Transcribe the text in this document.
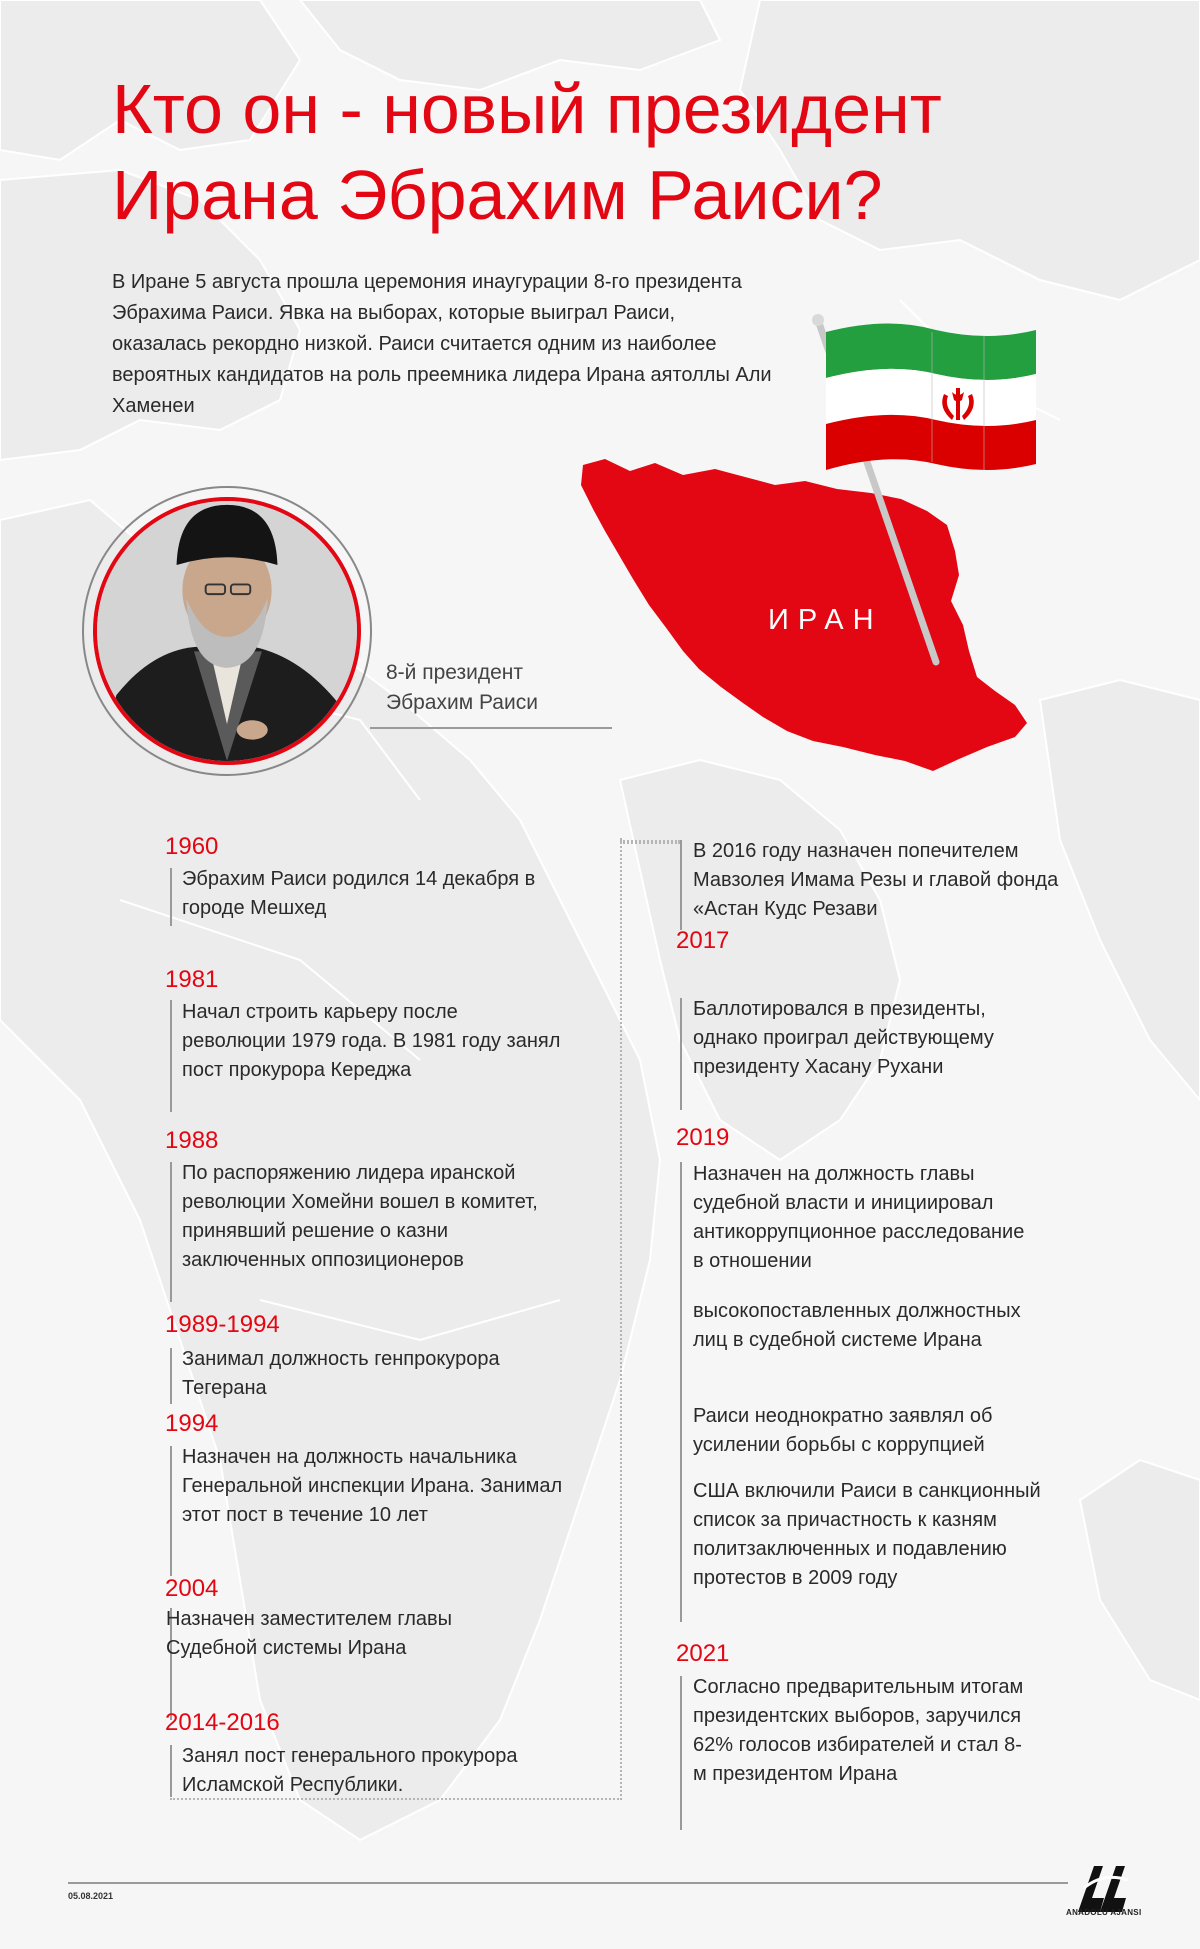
Кто он - новый президент
Ирана Эбрахим Раиси?
В Иране 5 августа прошла церемония инаугурации 8-го президента Эбрахима Раиси. Явка на выборах, которые выиграл Раиси, оказалась рекордно низкой. Раиси считается одним из наиболее вероятных кандидатов на роль преемника лидера Ирана аятоллы Али Хаменеи
ИРАН
8-й президент
Эбрахим Раиси
1960
Эбрахим Раиси родился 14 декабря в городе Мешхед
1981
Начал строить карьеру после революции 1979 года. В 1981 году занял пост прокурора Кереджа
1988
По распоряжению лидера иранской революции Хомейни вошел в комитет, принявший решение о казни заключенных оппозиционеров
1989-1994
Занимал должность генпрокурора Тегерана
1994
Назначен на должность начальника Генеральной инспекции Ирана. Занимал этот пост в течение 10 лет
2004
Назначен заместителем главы Судебной системы Ирана
2014-2016
Занял пост генерального прокурора Исламской Республики.
В 2016 году назначен попечителем Мавзолея Имама Резы и главой фонда «Астан Кудс Резави
2017
Баллотировался в президенты, однако проиграл действующему президенту Хасану Рухани
2019
Назначен на должность главы судебной власти и инициировал антикоррупционное расследование в отношении
высокопоставленных должностных лиц в судебной системе Ирана
Раиси неоднократно заявлял об усилении борьбы с коррупцией
США включили Раиси в санкционный список за причастность к казням политзаключенных и подавлению протестов в 2009 году
2021
Согласно предварительным итогам президентских выборов, заручился 62% голосов избирателей и стал 8-м президентом Ирана
05.08.2021
ANADOLU AJANSI
